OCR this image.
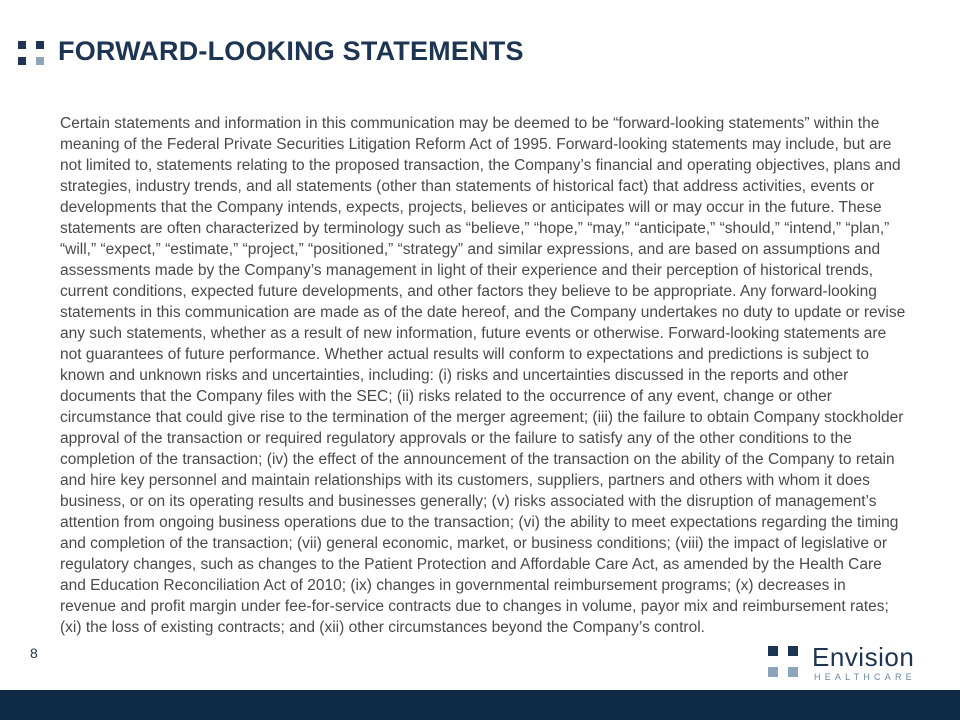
FORWARD-LOOKING STATEMENTS

Certain statements and information in this communication may be deemed to be “forward-looking statements” within the meaning of the Federal Private Securities Litigation Reform Act of 1995. Forward-looking statements may include, but are not limited to, statements relating to the proposed transaction, the Company’s financial and operating objectives, plans and strategies, industry trends, and all statements (other than statements of historical fact) that address activities, events or developments that the Company intends, expects, projects, believes or anticipates will or may occur in the future. These statements are often characterized by terminology such as “believe,” “hope,” “may,” “anticipate,” “should,” “intend,” “plan,” “will,” “expect,” “estimate,” “project,” “positioned,” “strategy” and similar expressions, and are based on assumptions and assessments made by the Company’s management in light of their experience and their perception of historical trends, current conditions, expected future developments, and other factors they believe to be appropriate. Any forward-looking statements in this communication are made as of the date hereof, and the Company undertakes no duty to update or revise any such statements, whether as a result of new information, future events or otherwise. Forward-looking statements are not guarantees of future performance. Whether actual results will conform to expectations and predictions is subject to known and unknown risks and uncertainties, including: (i) risks and uncertainties discussed in the reports and other documents that the Company files with the SEC; (ii) risks related to the occurrence of any event, change or other circumstance that could give rise to the termination of the merger agreement; (iii) the failure to obtain Company stockholder approval of the transaction or required regulatory approvals or the failure to satisfy any of the other conditions to the completion of the transaction; (iv) the effect of the announcement of the transaction on the ability of the Company to retain and hire key personnel and maintain relationships with its customers, suppliers, partners and others with whom it does business, or on its operating results and businesses generally; (v) risks associated with the disruption of management’s attention from ongoing business operations due to the transaction; (vi) the ability to meet expectations regarding the timing and completion of the transaction; (vii) general economic, market, or business conditions; (viii) the impact of legislative or regulatory changes, such as changes to the Patient Protection and Affordable Care Act, as amended by the Health Care and Education Reconciliation Act of 2010; (ix) changes in governmental reimbursement programs; (x) decreases in revenue and profit margin under fee-for-service contracts due to changes in volume, payor mix and reimbursement rates; (xi) the loss of existing contracts; and (xii) other circumstances beyond the Company’s control.

8	Envision
HEALTHCARE
